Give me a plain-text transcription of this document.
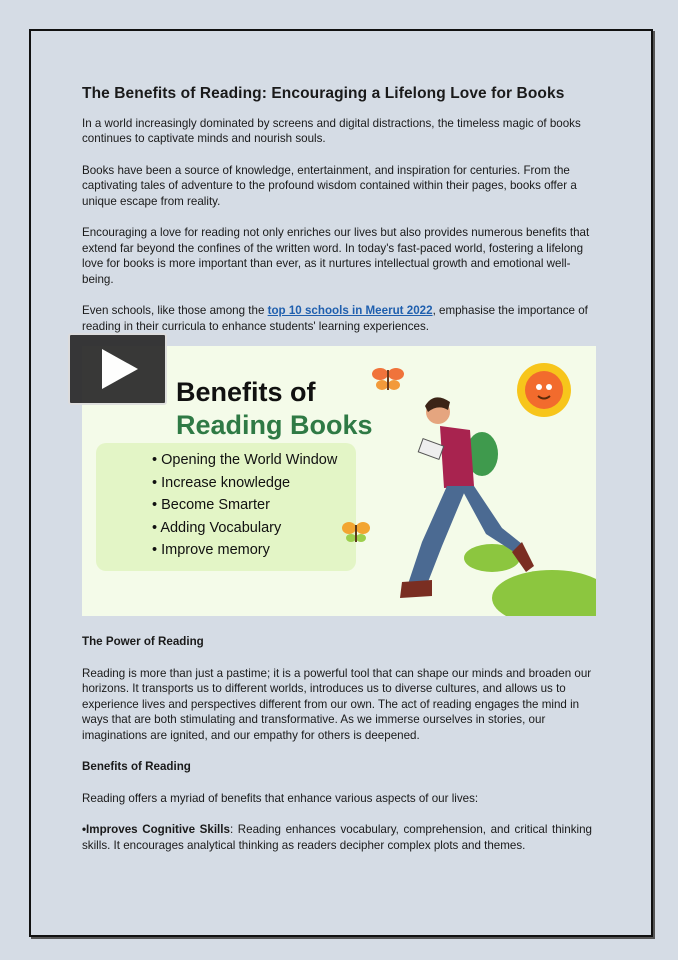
The Benefits of Reading: Encouraging a Lifelong Love for Books

In a world increasingly dominated by screens and digital distractions, the timeless magic of books continues to captivate minds and nourish souls.

Books have been a source of knowledge, entertainment, and inspiration for centuries. From the captivating tales of adventure to the profound wisdom contained within their pages, books offer a unique escape from reality.

Encouraging a love for reading not only enriches our lives but also provides numerous benefits that extend far beyond the confines of the written word. In today's fast-paced world, fostering a lifelong love for books is more important than ever, as it nurtures intellectual growth and emotional well- being.

Even schools, like those among the top 10 schools in Meerut 2022, emphasise the importance of reading in their curricula to enhance students' learning experiences.

Benefits of
Reading Books
• Opening the World Window
• Increase knowledge
• Become Smarter
• Adding Vocabulary
• Improve memory
The Power of Reading

Reading is more than just a pastime; it is a powerful tool that can shape our minds and broaden our horizons. It transports us to different worlds, introduces us to diverse cultures, and allows us to experience lives and perspectives different from our own. The act of reading engages the mind in ways that are both stimulating and transformative. As we immerse ourselves in stories, our imaginations are ignited, and our empathy for others is deepened.

Benefits of Reading

Reading offers a myriad of benefits that enhance various aspects of our lives:

•Improves Cognitive Skills: Reading enhances vocabulary, comprehension, and critical thinking skills. It encourages analytical thinking as readers decipher complex plots and themes.
